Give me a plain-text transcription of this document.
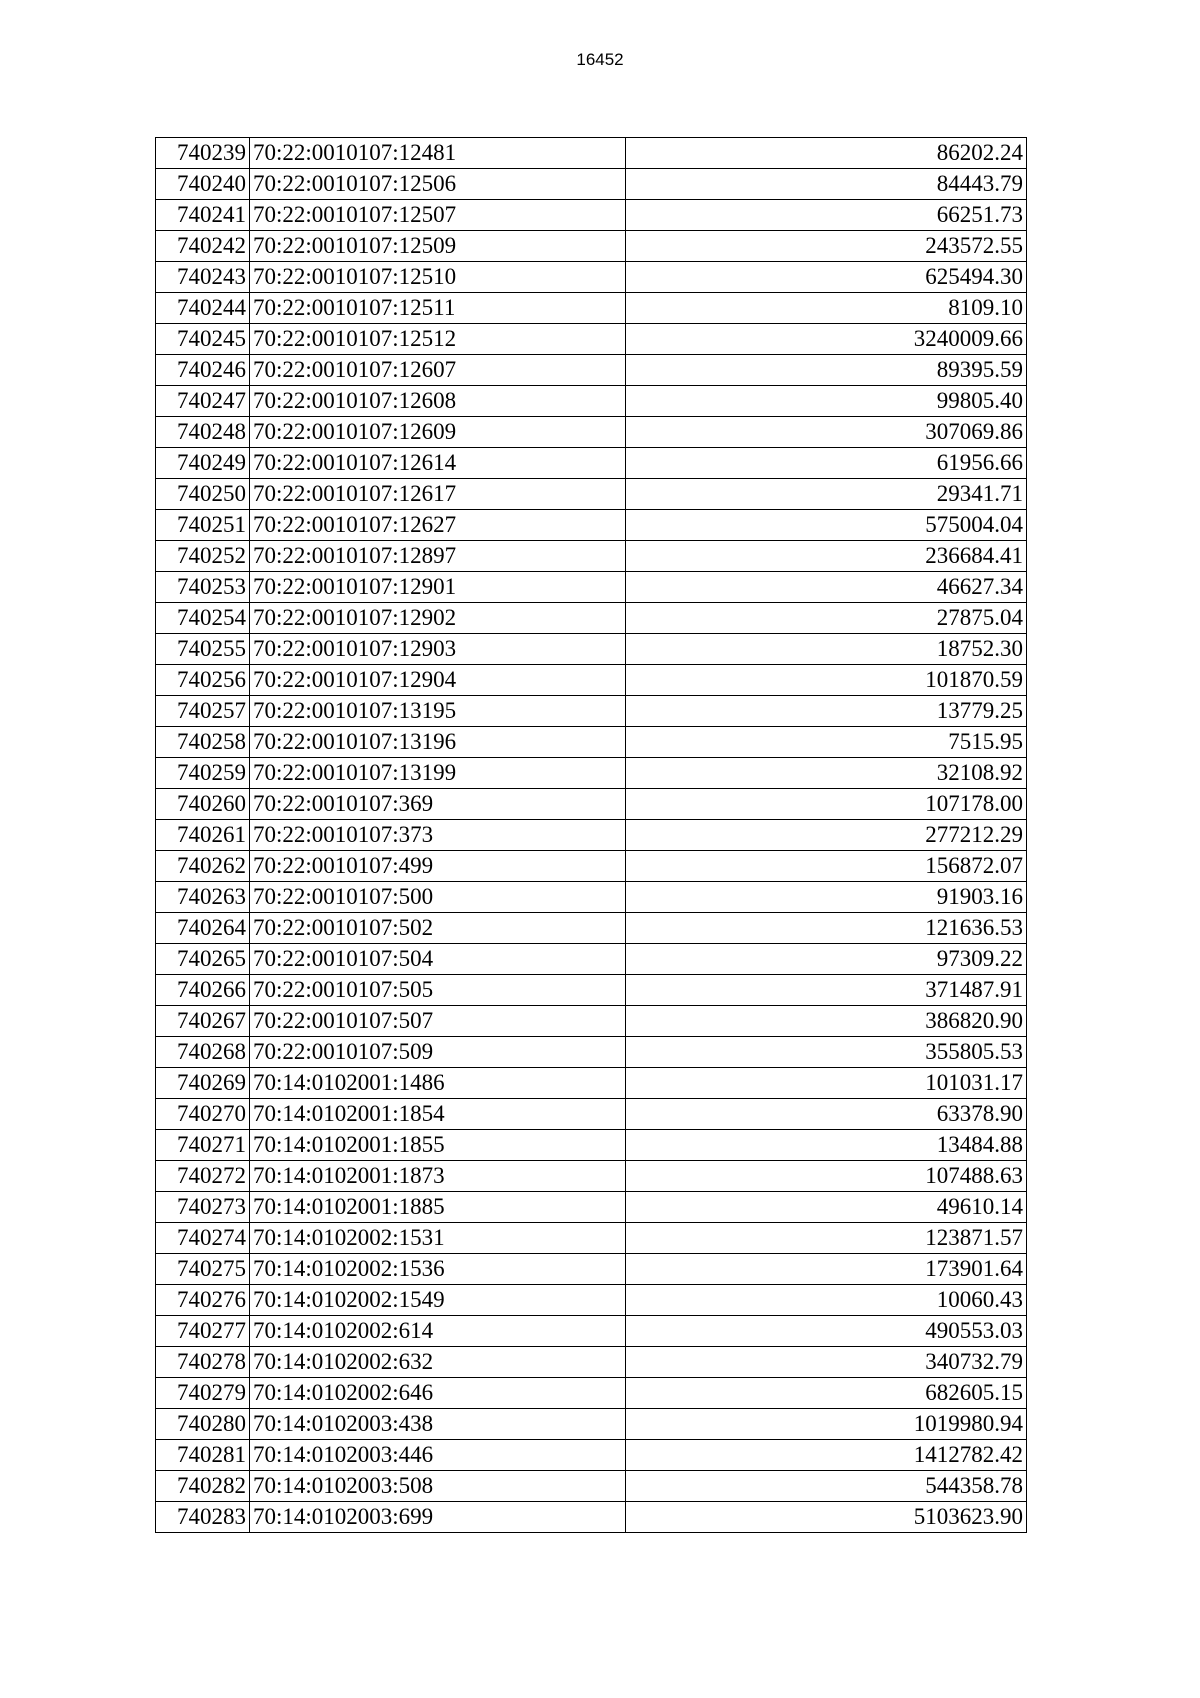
16452
740239	70:22:0010107:12481	86202.24
740240	70:22:0010107:12506	84443.79
740241	70:22:0010107:12507	66251.73
740242	70:22:0010107:12509	243572.55
740243	70:22:0010107:12510	625494.30
740244	70:22:0010107:12511	8109.10
740245	70:22:0010107:12512	3240009.66
740246	70:22:0010107:12607	89395.59
740247	70:22:0010107:12608	99805.40
740248	70:22:0010107:12609	307069.86
740249	70:22:0010107:12614	61956.66
740250	70:22:0010107:12617	29341.71
740251	70:22:0010107:12627	575004.04
740252	70:22:0010107:12897	236684.41
740253	70:22:0010107:12901	46627.34
740254	70:22:0010107:12902	27875.04
740255	70:22:0010107:12903	18752.30
740256	70:22:0010107:12904	101870.59
740257	70:22:0010107:13195	13779.25
740258	70:22:0010107:13196	7515.95
740259	70:22:0010107:13199	32108.92
740260	70:22:0010107:369	107178.00
740261	70:22:0010107:373	277212.29
740262	70:22:0010107:499	156872.07
740263	70:22:0010107:500	91903.16
740264	70:22:0010107:502	121636.53
740265	70:22:0010107:504	97309.22
740266	70:22:0010107:505	371487.91
740267	70:22:0010107:507	386820.90
740268	70:22:0010107:509	355805.53
740269	70:14:0102001:1486	101031.17
740270	70:14:0102001:1854	63378.90
740271	70:14:0102001:1855	13484.88
740272	70:14:0102001:1873	107488.63
740273	70:14:0102001:1885	49610.14
740274	70:14:0102002:1531	123871.57
740275	70:14:0102002:1536	173901.64
740276	70:14:0102002:1549	10060.43
740277	70:14:0102002:614	490553.03
740278	70:14:0102002:632	340732.79
740279	70:14:0102002:646	682605.15
740280	70:14:0102003:438	1019980.94
740281	70:14:0102003:446	1412782.42
740282	70:14:0102003:508	544358.78
740283	70:14:0102003:699	5103623.90
